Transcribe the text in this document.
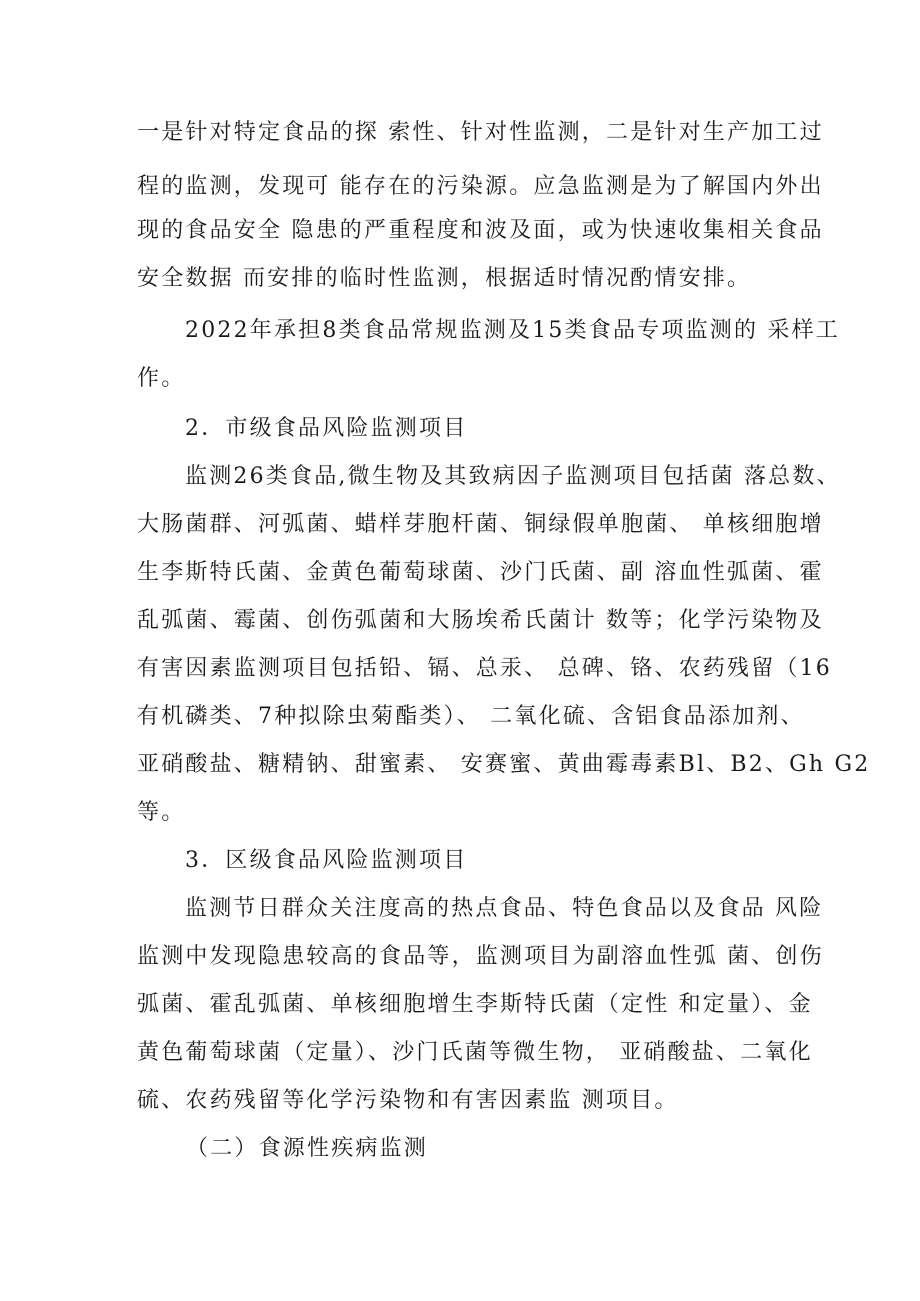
一是针对特定食品的探 索性、针对性监测，二是针对生产加工过
程的监测，发现可 能存在的污染源。应急监测是为了解国内外出
现的食品安全 隐患的严重程度和波及面，或为快速收集相关食品
安全数据 而安排的临时性监测，根据适时情况酌情安排。
2022年承担8类食品常规监测及15类食品专项监测的 采样工
作。
2．市级食品风险监测项目
监测26类食品,微生物及其致病因子监测项目包括菌 落总数、
大肠菌群、河弧菌、蜡样芽胞杆菌、铜绿假单胞菌、 单核细胞增
生李斯特氏菌、金黄色葡萄球菌、沙门氏菌、副 溶血性弧菌、霍
乱弧菌、霉菌、创伤弧菌和大肠埃希氏菌计 数等；化学污染物及
有害因素监测项目包括铅、镉、总汞、 总碑、铬、农药残留（16
有机磷类、7种拟除虫菊酯类）、 二氧化硫、含铝食品添加剂、
亚硝酸盐、糖精钠、甜蜜素、 安赛蜜、黄曲霉毒素Bl、B2、Gh G2
等。
3．区级食品风险监测项目
监测节日群众关注度高的热点食品、特色食品以及食品 风险
监测中发现隐患较高的食品等，监测项目为副溶血性弧 菌、创伤
弧菌、霍乱弧菌、单核细胞增生李斯特氏菌（定性 和定量）、金
黄色葡萄球菌（定量）、沙门氏菌等微生物， 亚硝酸盐、二氧化
硫、农药残留等化学污染物和有害因素监 测项目。
（二）食源性疾病监测
